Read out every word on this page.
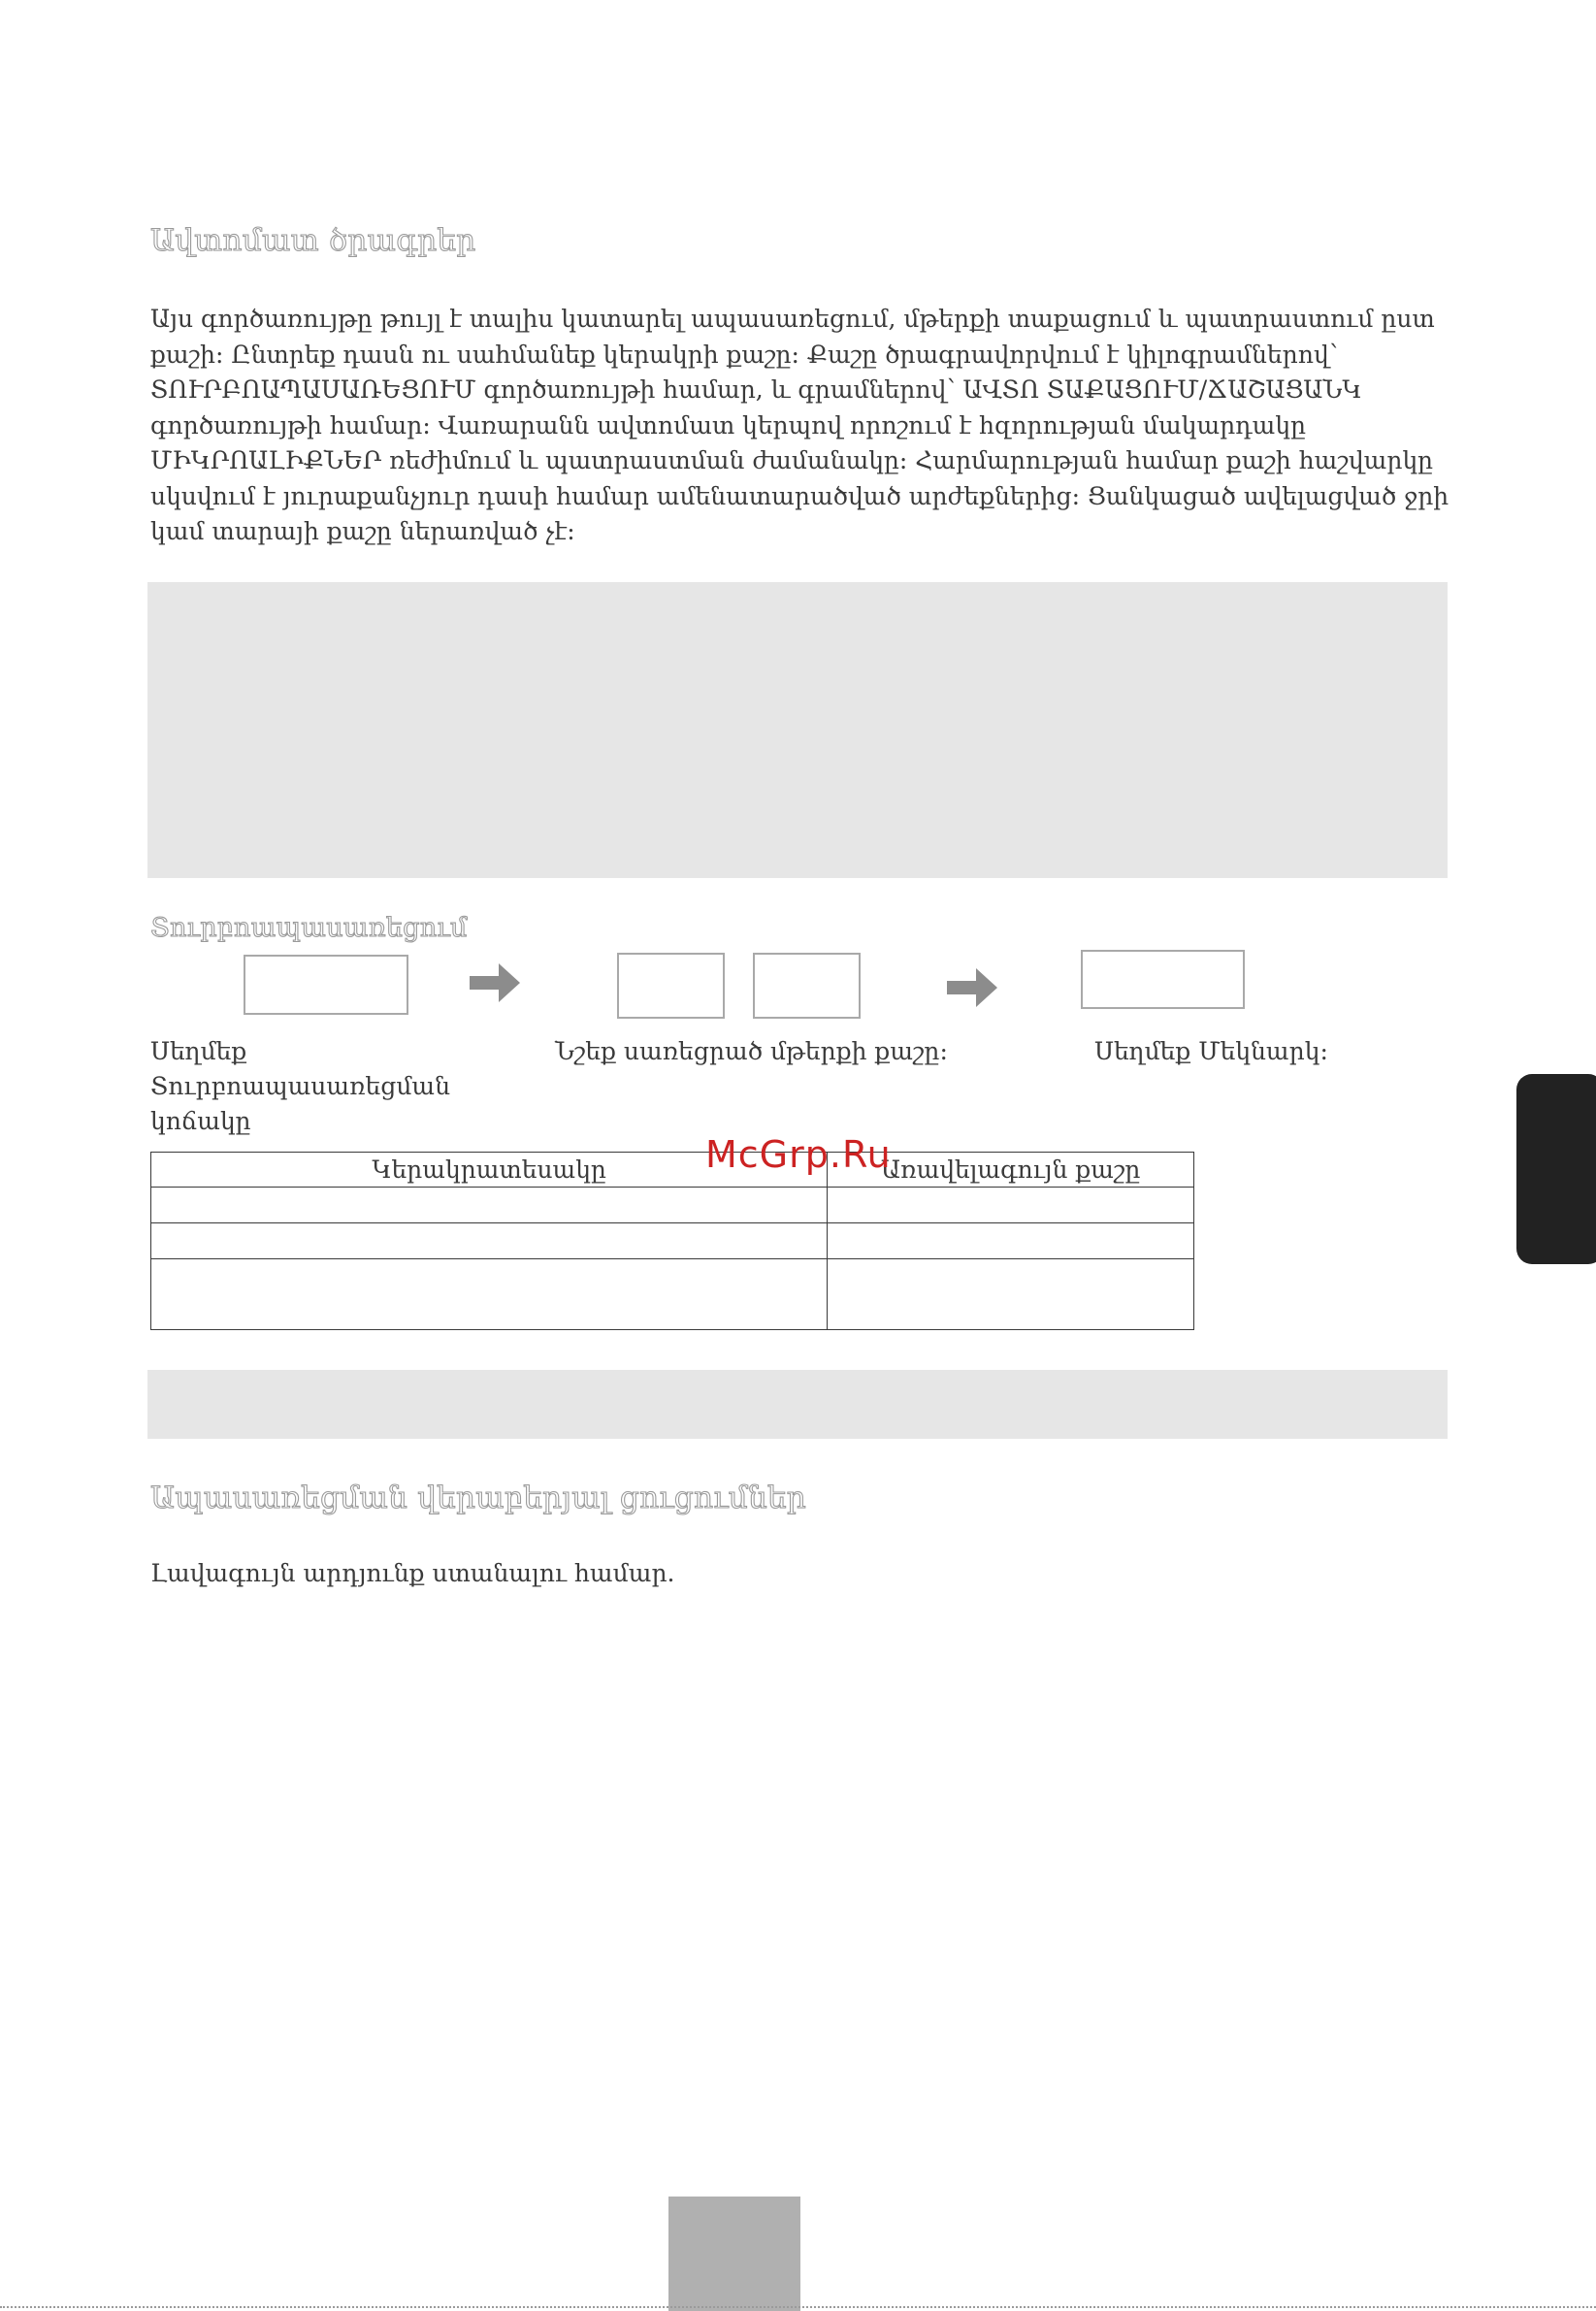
Ավտոմատ ծրագրեր

Այս գործառույթը թույլ է տալիս կատարել ապասառեցում, մթերքի տաքացում և պատրաստում ըստ քաշի: Ընտրեք դասն ու սահմանեք կերակրի քաշը: Քաշը ծրագրավորվում է կիլոգրամներով՝ ՏՈՒՐԲՈԱՊԱՍԱՌԵՑՈՒՄ գործառույթի համար, և գրամներով՝ ԱՎՏՈ ՏԱՔԱՑՈՒՄ/ՃԱՇԱՑԱՆԿ գործառույթի համար: Վառարանն ավտոմատ կերպով որոշում է հզորության մակարդակը ՄԻԿՐՈԱԼԻՔՆԵՐ ռեժիմում և պատրաստման ժամանակը: Հարմարության համար քաշի հաշվարկը սկսվում է յուրաքանչյուր դասի համար ամենատարածված արժեքներից: Ցանկացած ավելացված ջրի կամ տարայի քաշը ներառված չէ:

Տուրբոապասառեցում

Սեղմեք Տուրբոապասառեցման կոճակը

Նշեք սառեցրած մթերքի քաշը:	Սեղմեք Մեկնարկ:

Կերակրատեսակը	Առավելագույն քաշը

McGrp.Ru
Ապասառեցման վերաբերյալ ցուցումներ

Լավագույն արդյունք ստանալու համար.
